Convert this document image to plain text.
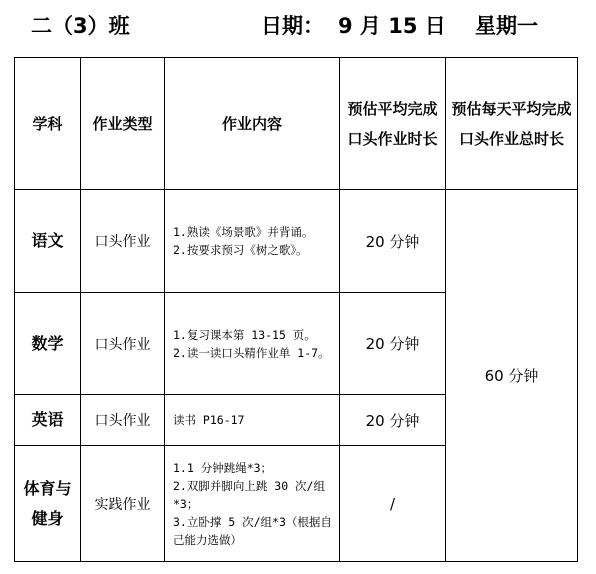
二（3）班	日期： 9 月 15 日 星期一
学科	作业类型	作业内容	预估平均完成口头作业时长	预估每天平均完成口头作业总时长
语文	口头作业	1.熟读《场景歌》并背诵。
2.按要求预习《树之歌》。	20 分钟	60 分钟
数学	口头作业	1.复习课本第 13-15 页。
2.读一读口头精作业单 1-7。	20 分钟	
英语	口头作业	读书 P16-17	20 分钟	
体育与健身	实践作业	1.1 分钟跳绳*3；
2.双脚并脚向上跳 30 次/组*3；
3.立卧撑 5 次/组*3（根据自己能力选做）	/	
